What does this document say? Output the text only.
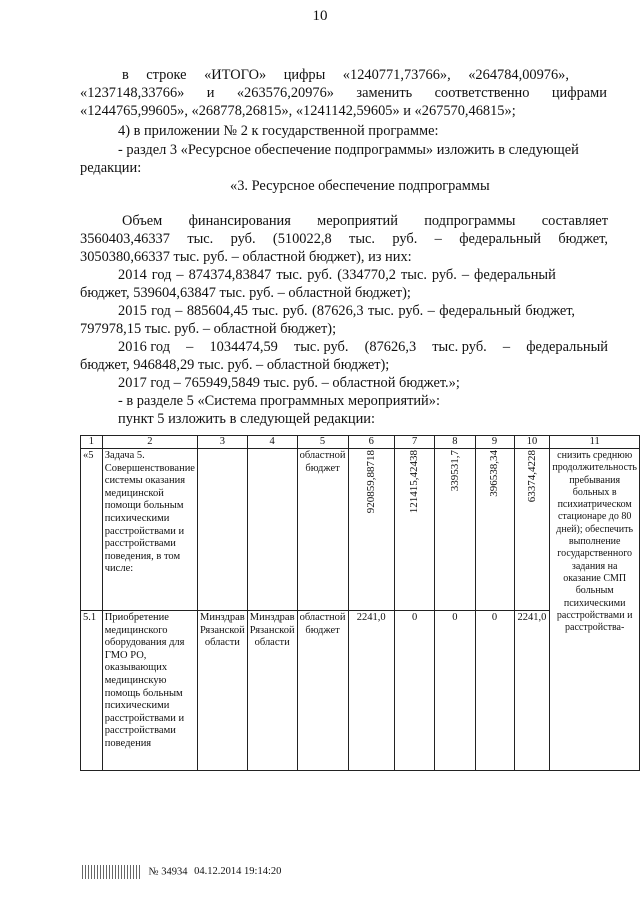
10
в строке «ИТОГО» цифры «1240771,73766», «264784,00976»,
«1237148,33766» и «263576,20976» заменить соответственно цифрами
«1244765,99605», «268778,26815», «1241142,59605» и «267570,46815»;
4) в приложении № 2 к государственной программе:
- раздел 3 «Ресурсное обеспечение подпрограммы» изложить в следующей
редакции:
«3. Ресурсное обеспечение подпрограммы
Объем финансирования мероприятий подпрограммы составляет
3560403,46337 тыс. руб. (510022,8 тыс. руб. – федеральный бюджет,
3050380,66337 тыс. руб. – областной бюджет), из них:
2014 год – 874374,83847 тыс. руб. (334770,2 тыс. руб. – федеральный
бюджет, 539604,63847 тыс. руб. – областной бюджет);
2015 год – 885604,45 тыс. руб. (87626,3 тыс. руб. – федеральный бюджет,
797978,15 тыс. руб. – областной бюджет);
2016 год – 1034474,59 тыс. руб. (87626,3 тыс. руб. – федеральный
бюджет, 946848,29 тыс. руб. – областной бюджет);
2017 год – 765949,5849 тыс. руб. – областной бюджет.»;
- в разделе 5 «Система программных мероприятий»:
пункт 5 изложить в следующей редакции:
1	2	3	4	5	6	7	8	9	10	11
«5	Задача 5. Совершенствование системы оказания медицинской помощи больным психическими расстройствами и расстройствами поведения, в том числе:			областной бюджет	920859,88718	121415,42438	339531,7	396538,34	63374,4228	снизить среднюю продолжительность пребывания больных в психиатрическом стационаре до 80 дней); обеспечить выполнение государственного задания на оказание СМП больным психическими расстройствами и расстройства-
5.1	Приобретение медицинского оборудования для ГМО РО, оказывающих медицинскую помощь больным психическими расстройствами и расстройствами поведения	Минздрав Рязанской области	Минздрав Рязанской области	областной бюджет	2241,0	0	0	0	2241,0	
№ 34934 04.12.2014 19:14:20
